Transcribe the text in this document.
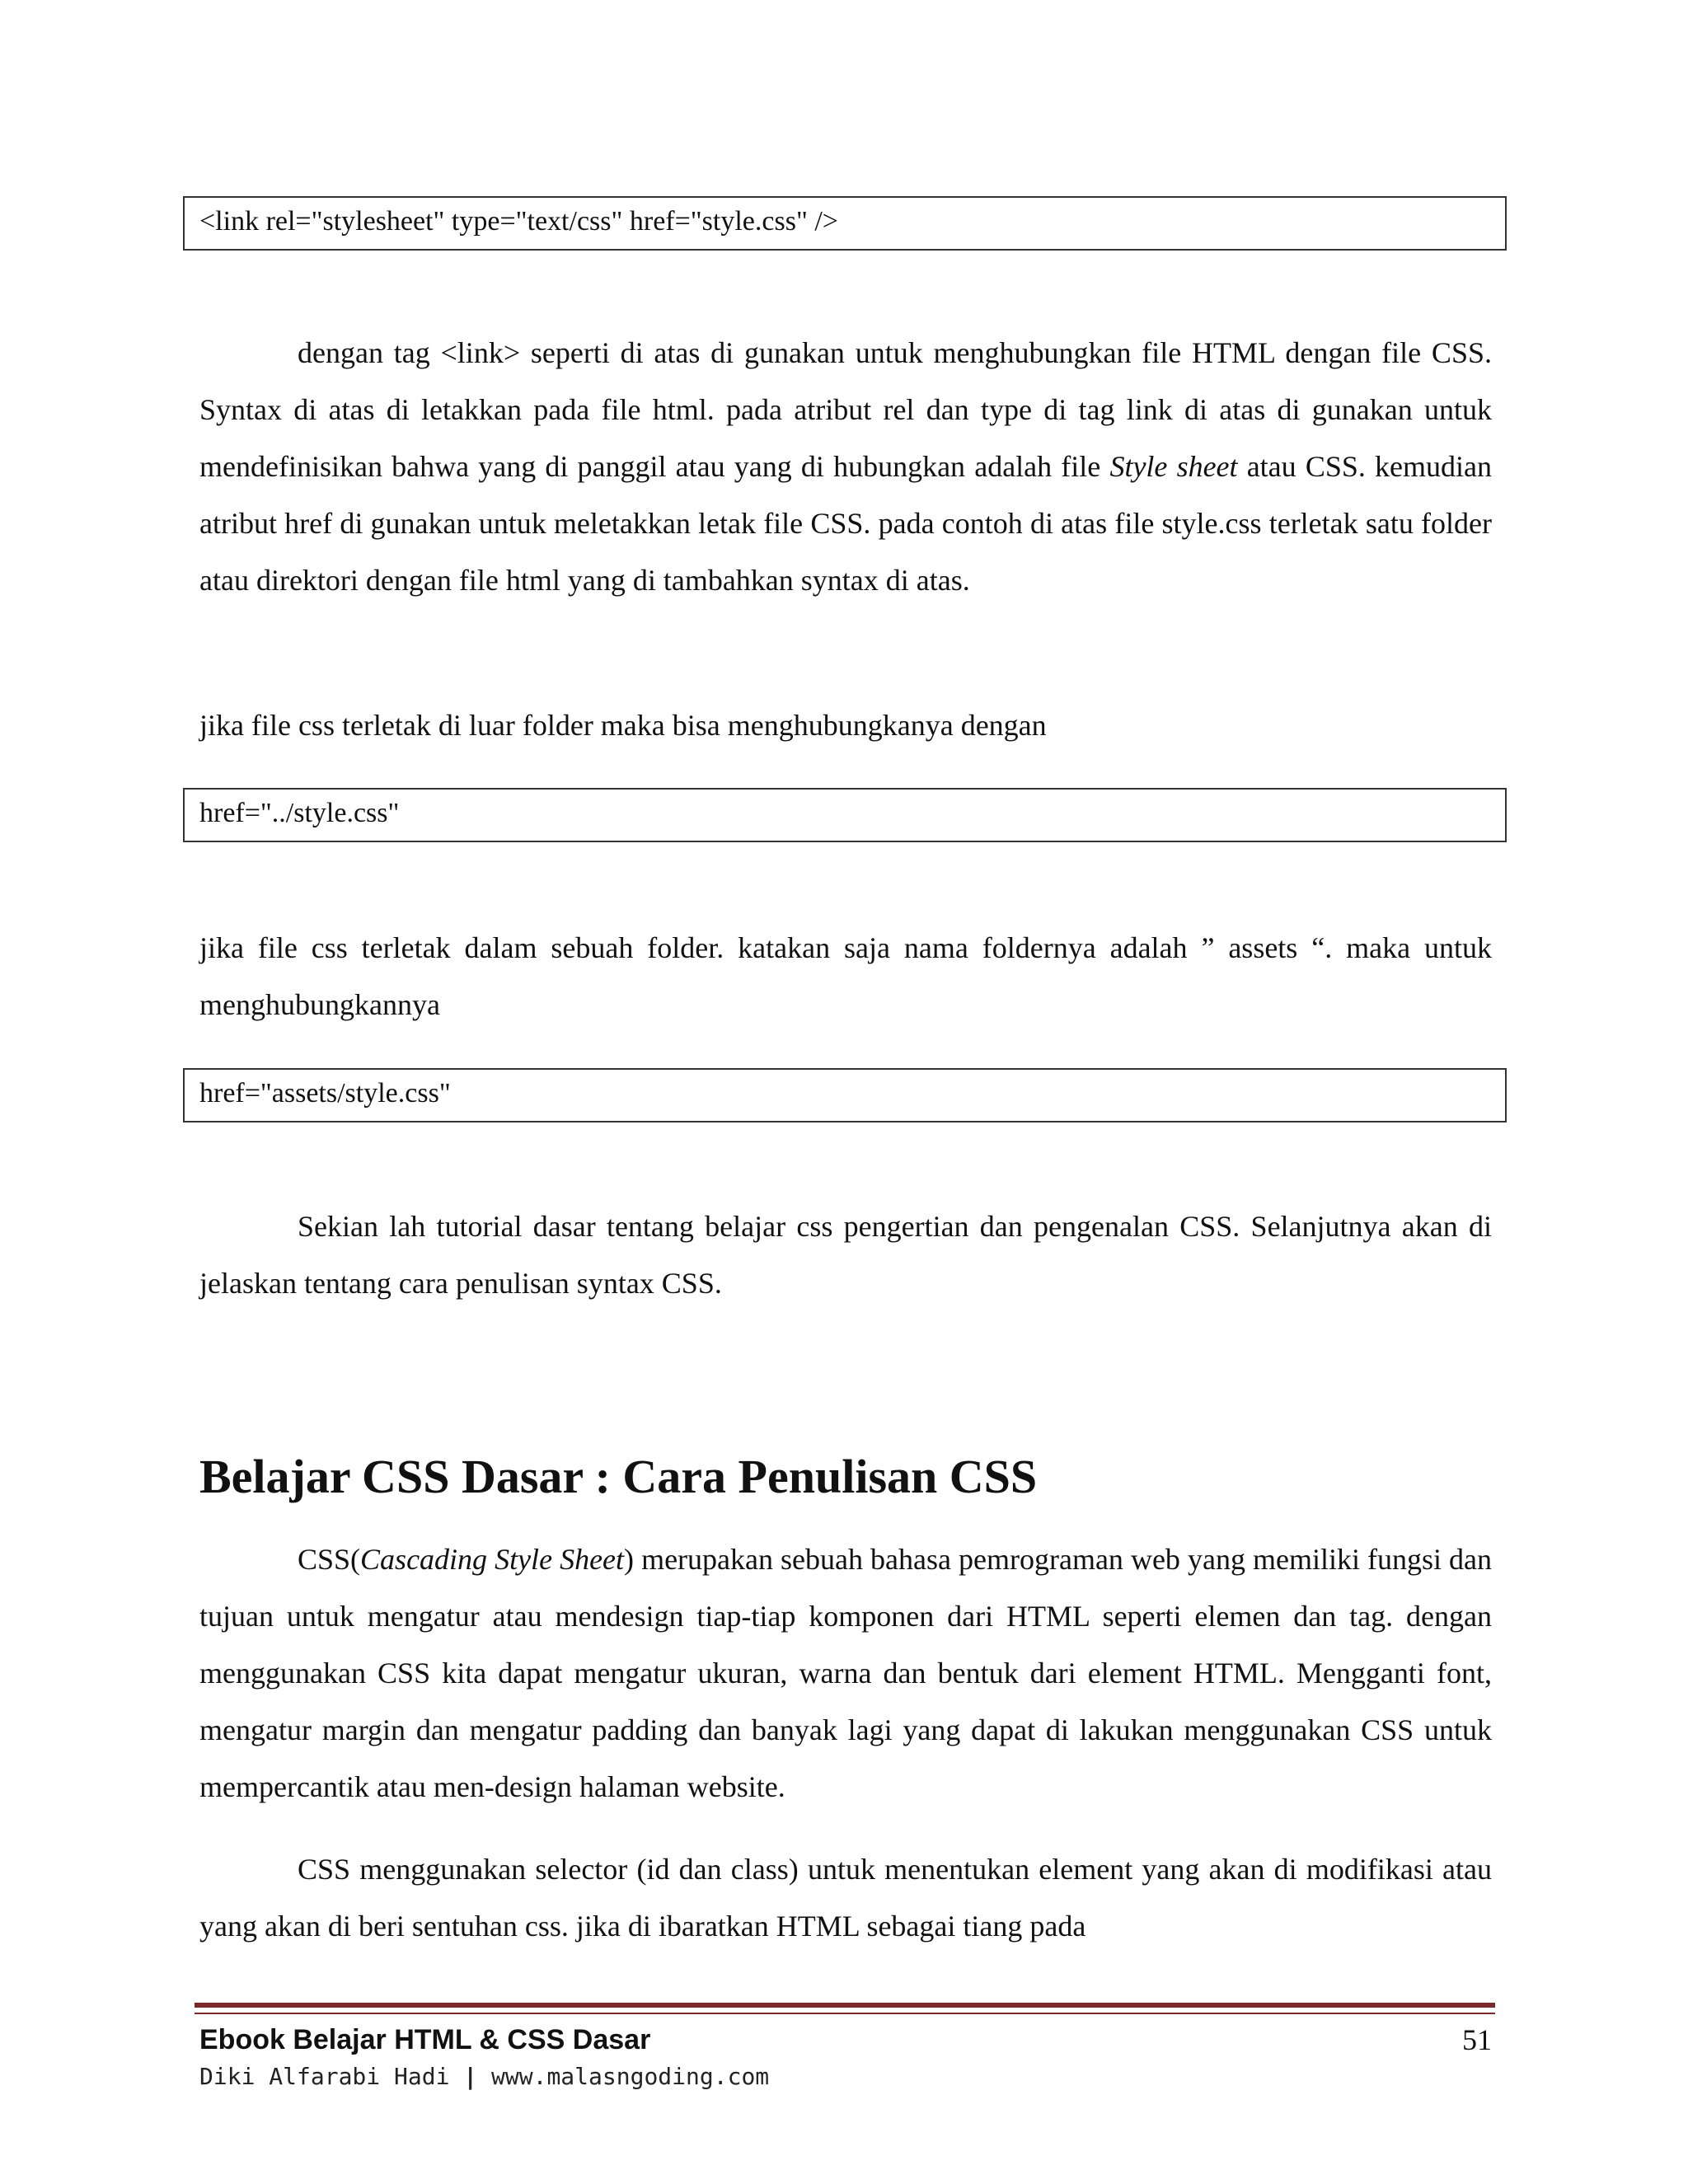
<link rel="stylesheet" type="text/css" href="style.css" />

dengan tag <link> seperti di atas di gunakan untuk menghubungkan file HTML dengan file CSS. Syntax di atas di letakkan pada file html. pada atribut rel dan type di tag link di atas di gunakan untuk mendefinisikan bahwa yang di panggil atau yang di hubungkan adalah file Style sheet atau CSS. kemudian atribut href di gunakan untuk meletakkan letak file CSS. pada contoh di atas file style.css terletak satu folder atau direktori dengan file html yang di tambahkan syntax di atas.

jika file css terletak di luar folder maka bisa menghubungkanya dengan

href="../style.css"

jika file css terletak dalam sebuah folder. katakan saja nama foldernya adalah ” assets “. maka untuk menghubungkannya

href="assets/style.css"

Sekian lah tutorial dasar tentang belajar css pengertian dan pengenalan CSS. Selanjutnya akan di jelaskan tentang cara penulisan syntax CSS.

Belajar CSS Dasar : Cara Penulisan CSS

CSS(Cascading Style Sheet) merupakan sebuah bahasa pemrograman web yang memiliki fungsi dan tujuan untuk mengatur atau mendesign tiap-tiap komponen dari HTML seperti elemen dan tag. dengan menggunakan CSS kita dapat mengatur ukuran, warna dan bentuk dari element HTML. Mengganti font, mengatur margin dan mengatur padding dan banyak lagi yang dapat di lakukan menggunakan CSS untuk mempercantik atau men-design halaman website.

CSS menggunakan selector (id dan class) untuk menentukan element yang akan di modifikasi atau yang akan di beri sentuhan css. jika di ibaratkan HTML sebagai tiang pada

Ebook Belajar HTML & CSS Dasar	51
Diki Alfarabi Hadi | www.malasngoding.com
